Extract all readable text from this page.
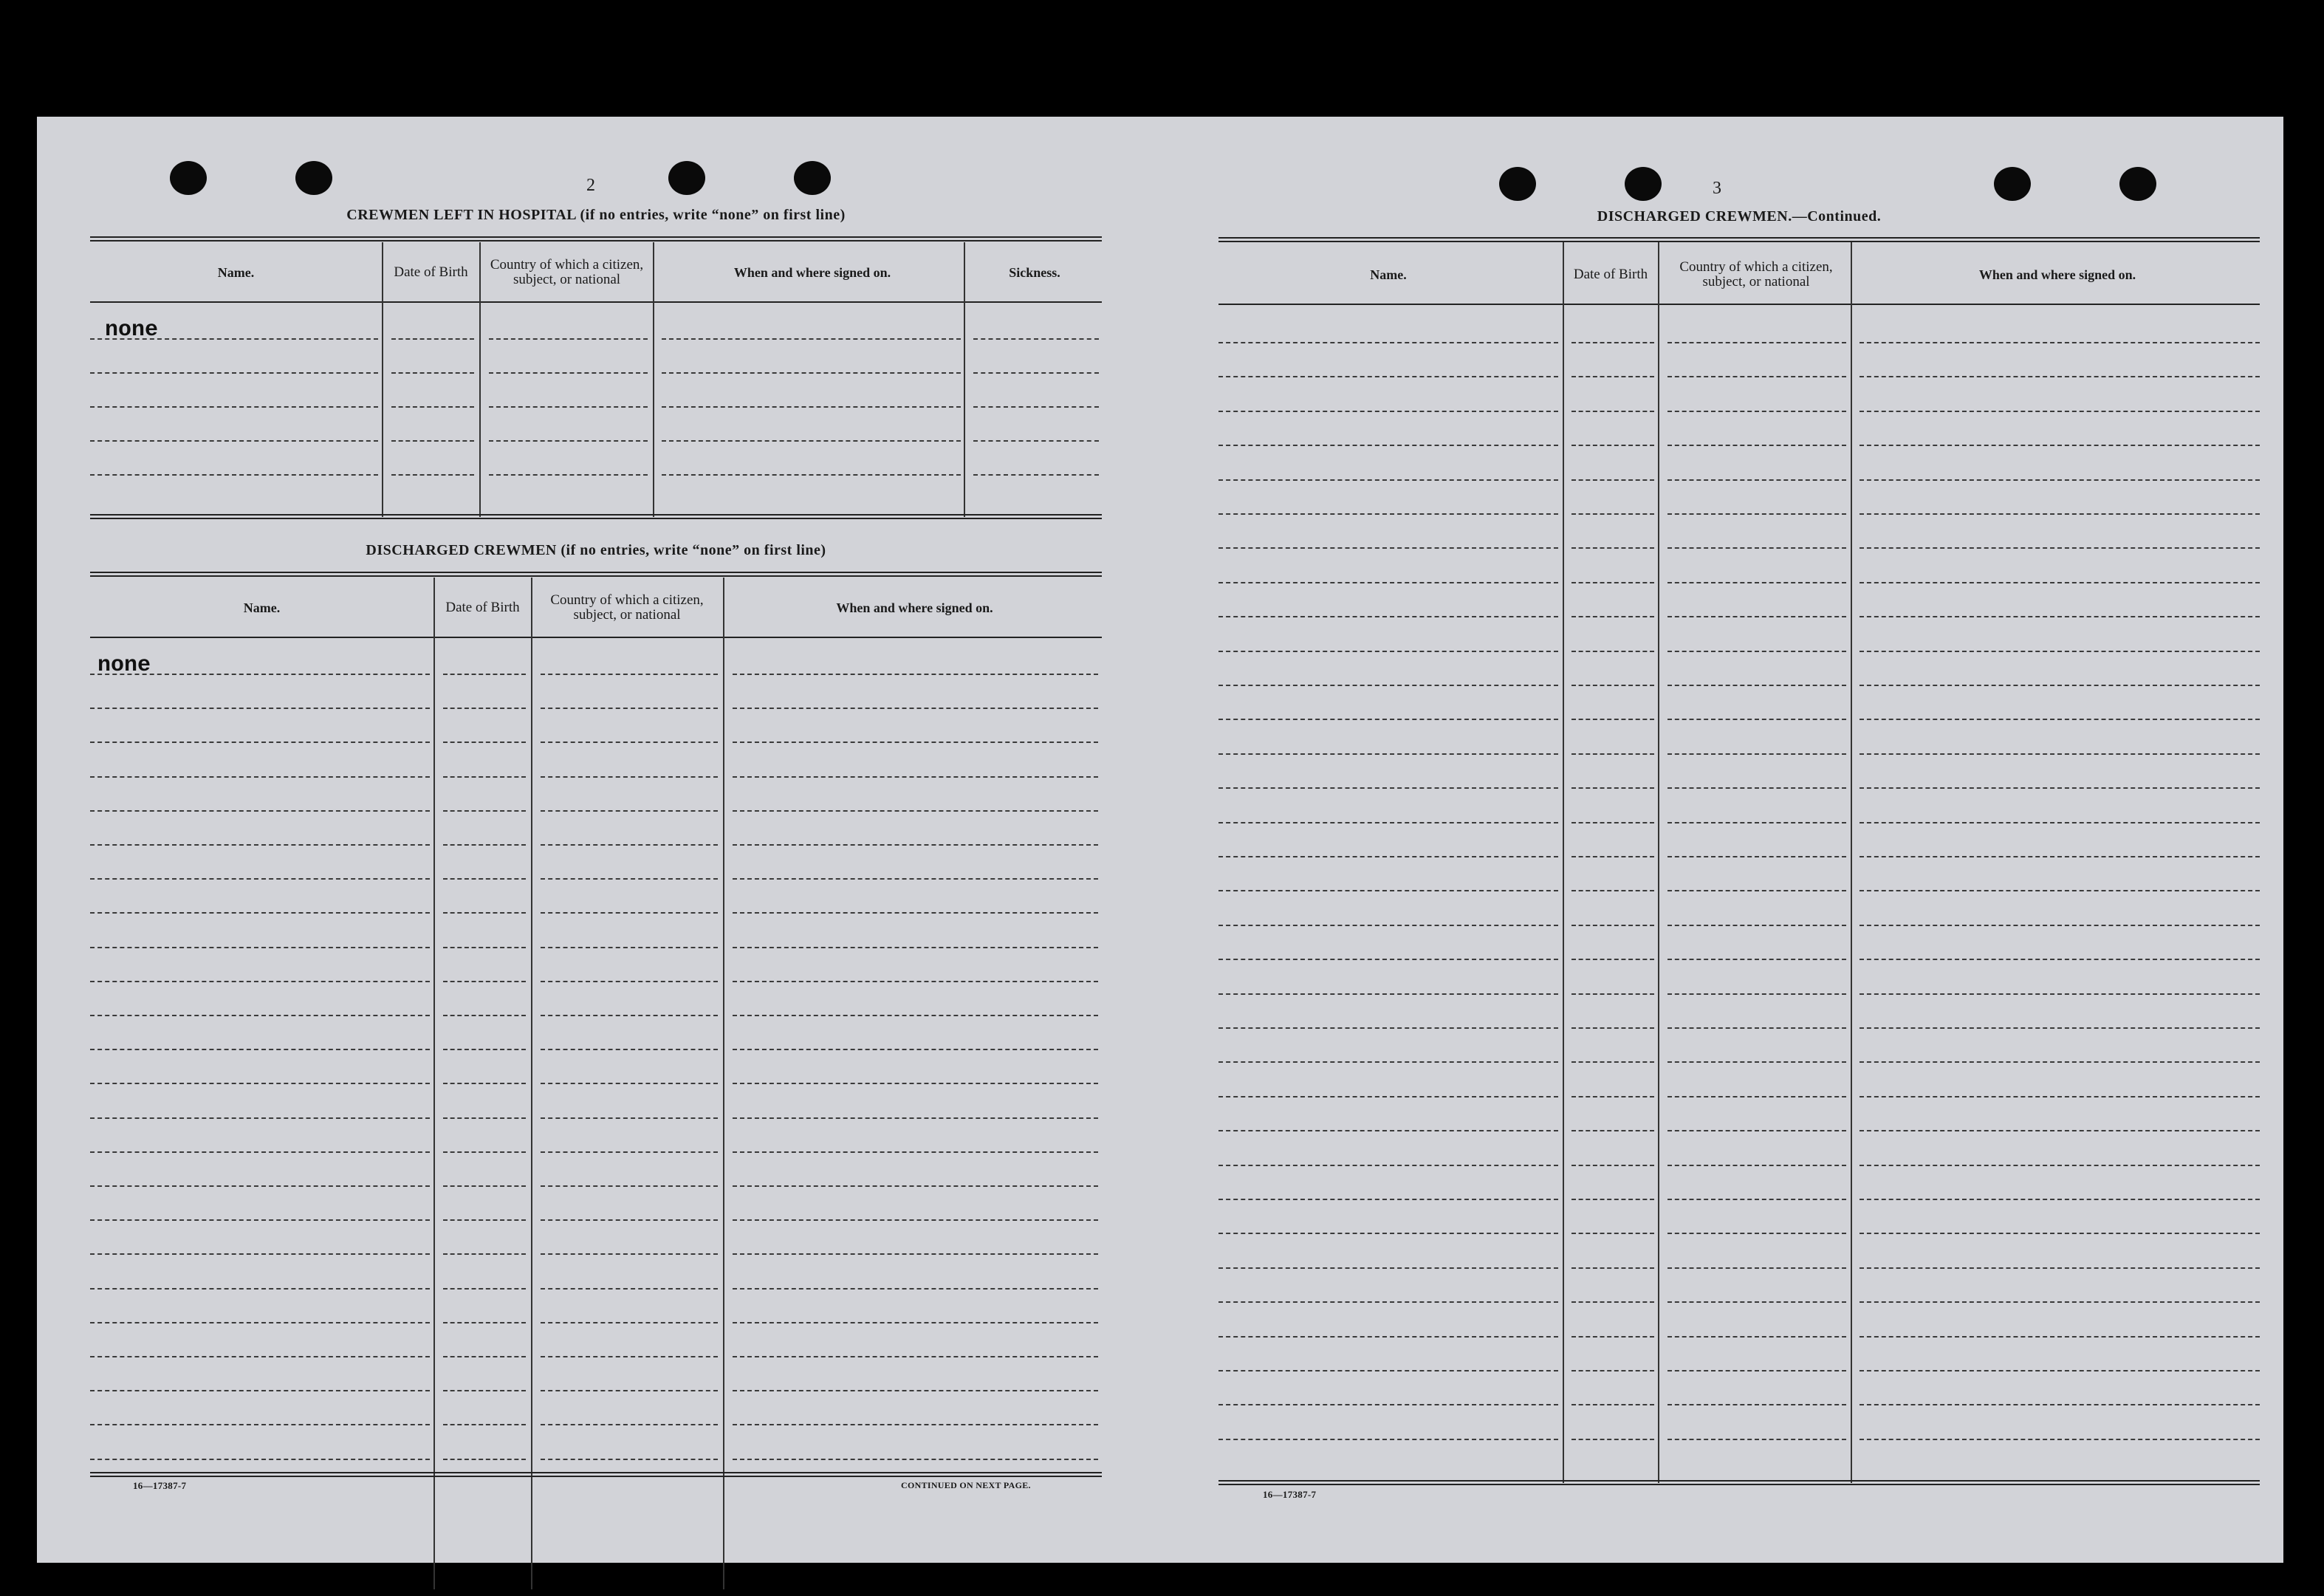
2
CREWMEN LEFT IN HOSPITAL (if no entries, write “none” on first line)
Name.	Date of Birth	Country of which a citizen, subject, or national	When and where signed on.	Sickness.
none
DISCHARGED CREWMEN (if no entries, write “none” on first line)
Name.	Date of Birth	Country of which a citizen, subject, or national	When and where signed on.
none
16—17387-7	CONTINUED ON NEXT PAGE.
3
DISCHARGED CREWMEN.—Continued.
Name.	Date of Birth	Country of which a citizen, subject, or national	When and where signed on.
16—17387-7
